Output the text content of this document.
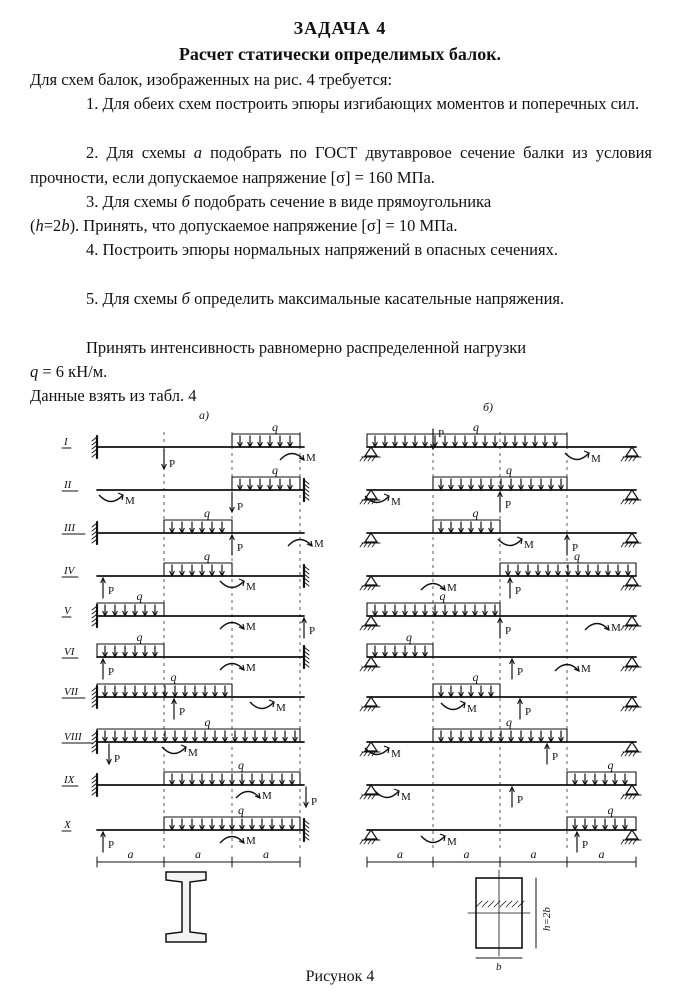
ЗАДАЧА 4
Расчет статически определимых балок.
Для схем балок, изображенных на рис. 4 требуется:
1. Для обеих схем построить эпюры изгибающих моментов и поперечных сил.
2. Для схемы а подобрать по ГОСТ двутавровое сечение балки из условия прочности, если допускаемое напряжение [σ] = 160 МПа.
3. Для схемы б подобрать сечение в виде прямоугольника
(h=2b). Принять, что допускаемое напряжение [σ] = 10 МПа.
4. Построить эпюры нормальных напряжений в опасных сечениях.
5. Для схемы б определить максимальные касательные напряжения.
Принять интенсивность равномерно распределенной нагрузки
q = 6 кН/м.
Данные взять из табл. 4
а)
б)
I
II
III
IV
V
VI
VII
VIII
IX
X
q
P	M
q
P
M
q
P
M
q
P
M
q
P	M
q
P
M
q
P	M
q
P
M
q
P
M
q
P	M
q
P	M
q
P	M
q
P	M
q
P
M
q
P	M
q
P
M
q
P
M
q
P
M
q
P	M
q
P
M
a	a	a	a	a	a	a
h=2b
b
Рисунок 4
